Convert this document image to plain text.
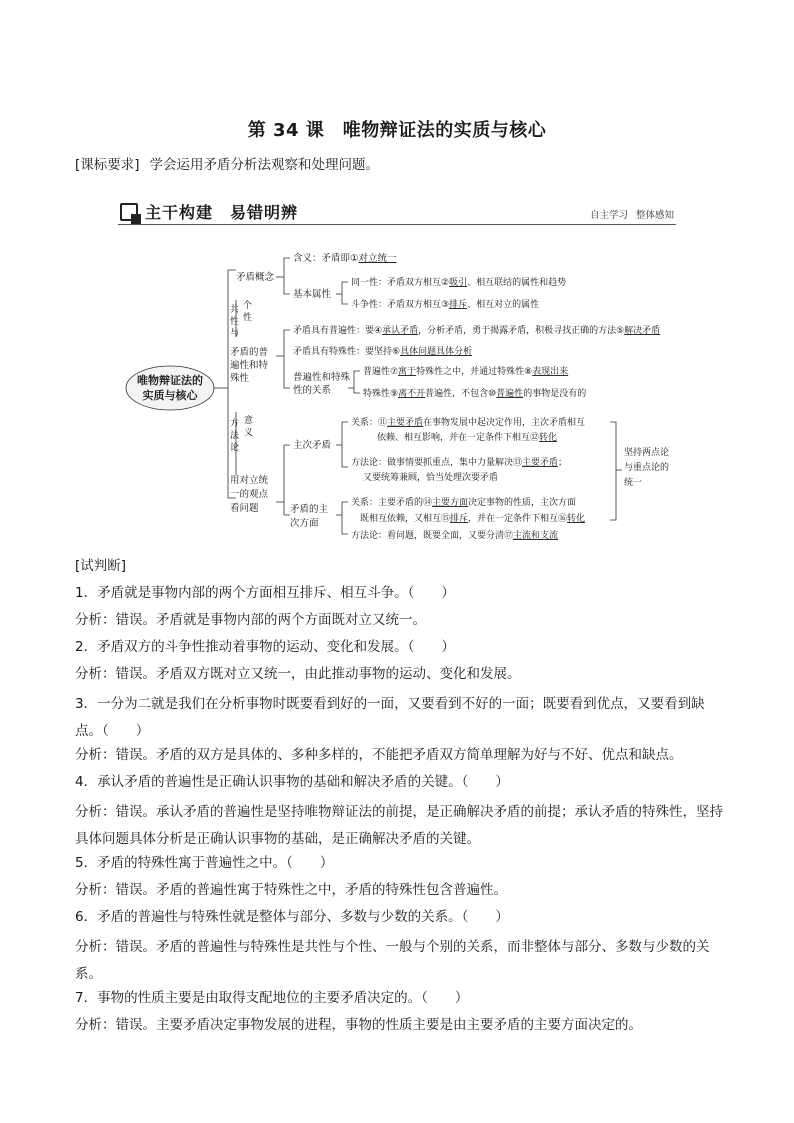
第 34 课　唯物辩证法的实质与核心
[课标要求] 学会运用矛盾分析法观察和处理问题。
主干构建　易错明辨	自主学习 整体感知
唯物辩证法的
实质与核心
矛盾概念
含义：矛盾即①对立统一
基本属性
同一性：矛盾双方相互②吸引、相互联结的属性和趋势
斗争性：矛盾双方相互③排斥、相互对立的属性
共
性
与
个
性
矛盾的普
遍性和特
殊性
矛盾具有普遍性：要④承认矛盾，分析矛盾，勇于揭露矛盾，积极寻找正确的方法⑤解决矛盾
矛盾具有特殊性：要坚持⑥具体问题具体分析
普遍性和特殊
性的关系
普遍性⑦寓于特殊性之中，并通过特殊性⑧表现出来
特殊性⑨离不开普遍性，不包含⑩普遍性的事物是没有的
方
法
论
意
义
用对立统
一的观点
看问题
主次矛盾
关系：⑪主要矛盾在事物发展中起决定作用，主次矛盾相互
依赖、相互影响，并在一定条件下相互⑫转化
方法论：做事情要抓重点，集中力量解决⑬主要矛盾；
又要统筹兼顾，恰当处理次要矛盾
矛盾的主
次方面
关系：主要矛盾的⑭主要方面决定事物的性质，主次方面
既相互依赖，又相互⑮排斥，并在一定条件下相互⑯转化
方法论：看问题，既要全面，又要分清⑰主流和支流
坚持两点论
与重点论的
统一
[试判断]
1．矛盾就是事物内部的两个方面相互排斥、相互斗争。（　　）
分析：错误。矛盾就是事物内部的两个方面既对立又统一。
2．矛盾双方的斗争性推动着事物的运动、变化和发展。（　　）
分析：错误。矛盾双方既对立又统一，由此推动事物的运动、变化和发展。
3．一分为二就是我们在分析事物时既要看到好的一面，又要看到不好的一面；既要看到优点，又要看到缺点。（　　）
分析：错误。矛盾的双方是具体的、多种多样的，不能把矛盾双方简单理解为好与不好、优点和缺点。
4．承认矛盾的普遍性是正确认识事物的基础和解决矛盾的关键。（　　）
分析：错误。承认矛盾的普遍性是坚持唯物辩证法的前提，是正确解决矛盾的前提；承认矛盾的特殊性，坚持具体问题具体分析是正确认识事物的基础，是正确解决矛盾的关键。
5．矛盾的特殊性寓于普遍性之中。（　　）
分析：错误。矛盾的普遍性寓于特殊性之中，矛盾的特殊性包含普遍性。
6．矛盾的普遍性与特殊性就是整体与部分、多数与少数的关系。（　　）
分析：错误。矛盾的普遍性与特殊性是共性与个性、一般与个别的关系，而非整体与部分、多数与少数的关系。
7．事物的性质主要是由取得支配地位的主要矛盾决定的。（　　）
分析：错误。主要矛盾决定事物发展的进程，事物的性质主要是由主要矛盾的主要方面决定的。
